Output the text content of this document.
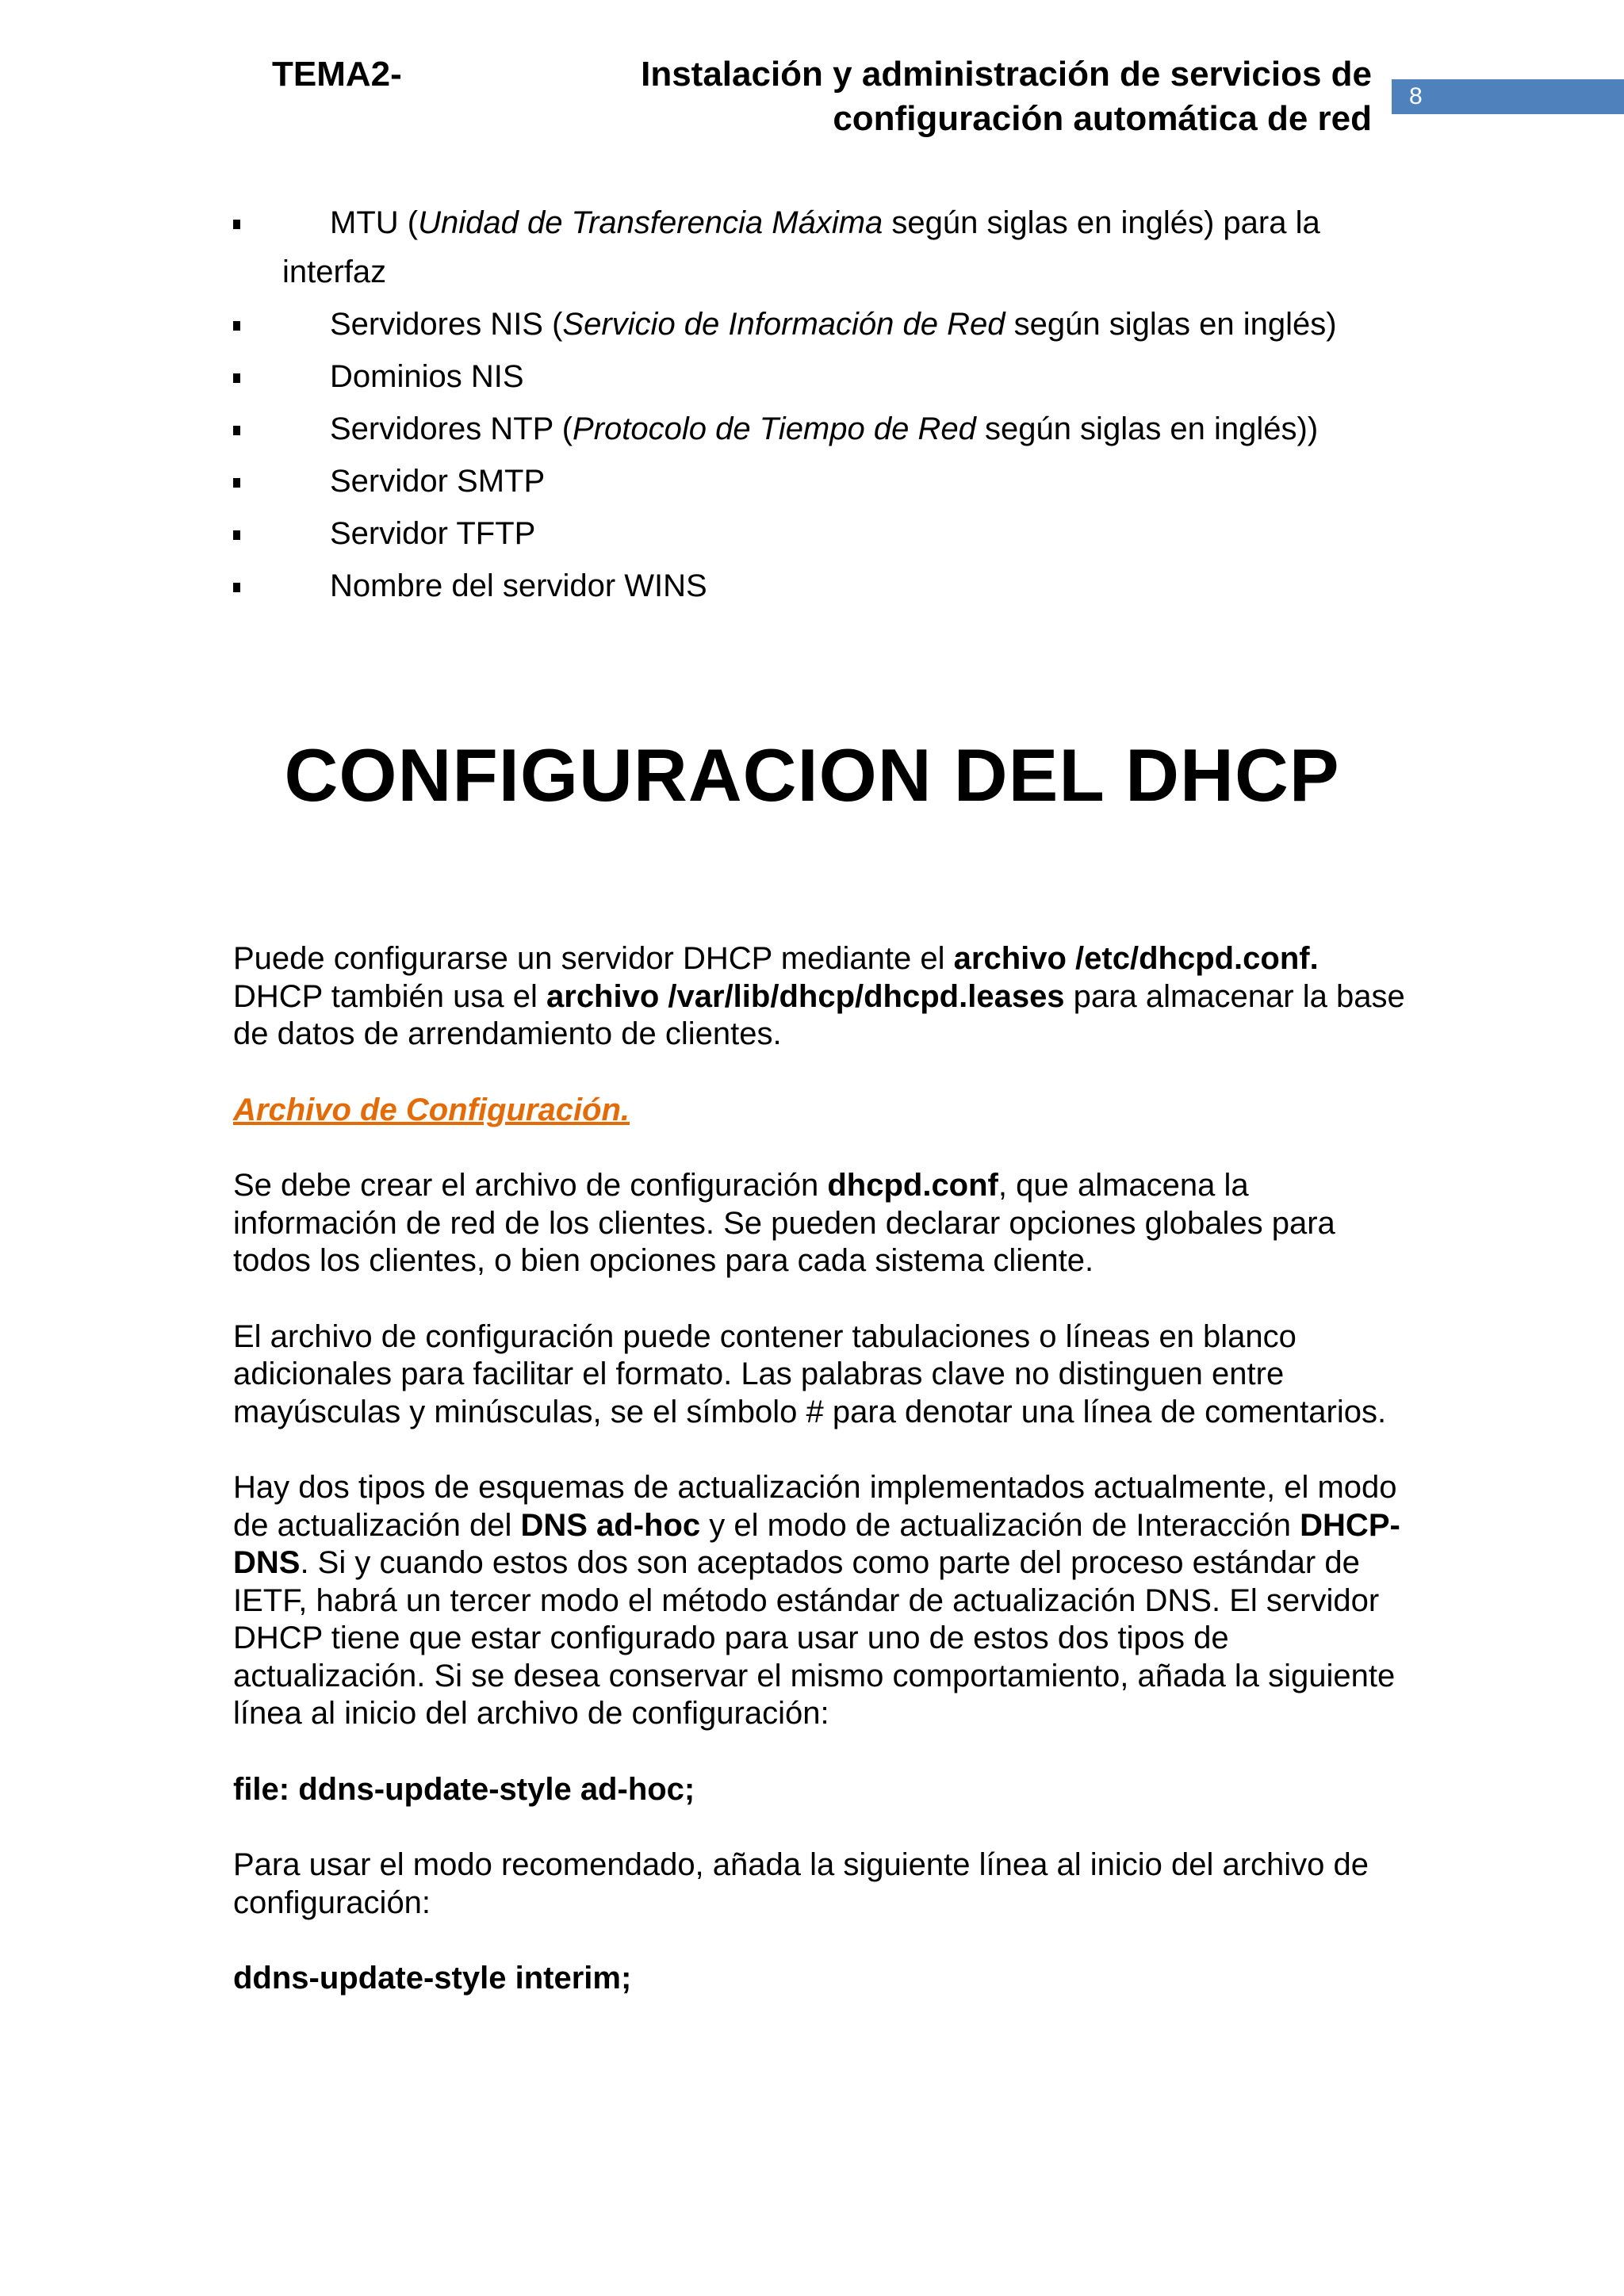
TEMA2-	Instalación y administración de servicios de
configuración automática de red
8
MTU (Unidad de Transferencia Máxima según siglas en inglés) para la
interfaz
Servidores NIS (Servicio de Información de Red según siglas en inglés)
Dominios NIS
Servidores NTP (Protocolo de Tiempo de Red según siglas en inglés))
Servidor SMTP
Servidor TFTP
Nombre del servidor WINS
CONFIGURACION DEL DHCP

Puede configurarse un servidor DHCP mediante el archivo /etc/dhcpd.conf. DHCP también usa el archivo /var/lib/dhcp/dhcpd.leases para almacenar la base de datos de arrendamiento de clientes.

Archivo de Configuración.

Se debe crear el archivo de configuración dhcpd.conf, que almacena la información de red de los clientes. Se pueden declarar opciones globales para todos los clientes, o bien opciones para cada sistema cliente.

El archivo de configuración puede contener tabulaciones o líneas en blanco adicionales para facilitar el formato. Las palabras clave no distinguen entre mayúsculas y minúsculas, se el símbolo # para denotar una línea de comentarios.

Hay dos tipos de esquemas de actualización implementados actualmente, el modo de actualización del DNS ad-hoc y el modo de actualización de Interacción DHCP-DNS. Si y cuando estos dos son aceptados como parte del proceso estándar de IETF, habrá un tercer modo el método estándar de actualización DNS. El servidor DHCP tiene que estar configurado para usar uno de estos dos tipos de actualización. Si se desea conservar el mismo comportamiento, añada la siguiente línea al inicio del archivo de configuración:

file: ddns-update-style ad-hoc;

Para usar el modo recomendado, añada la siguiente línea al inicio del archivo de configuración:

ddns-update-style interim;
